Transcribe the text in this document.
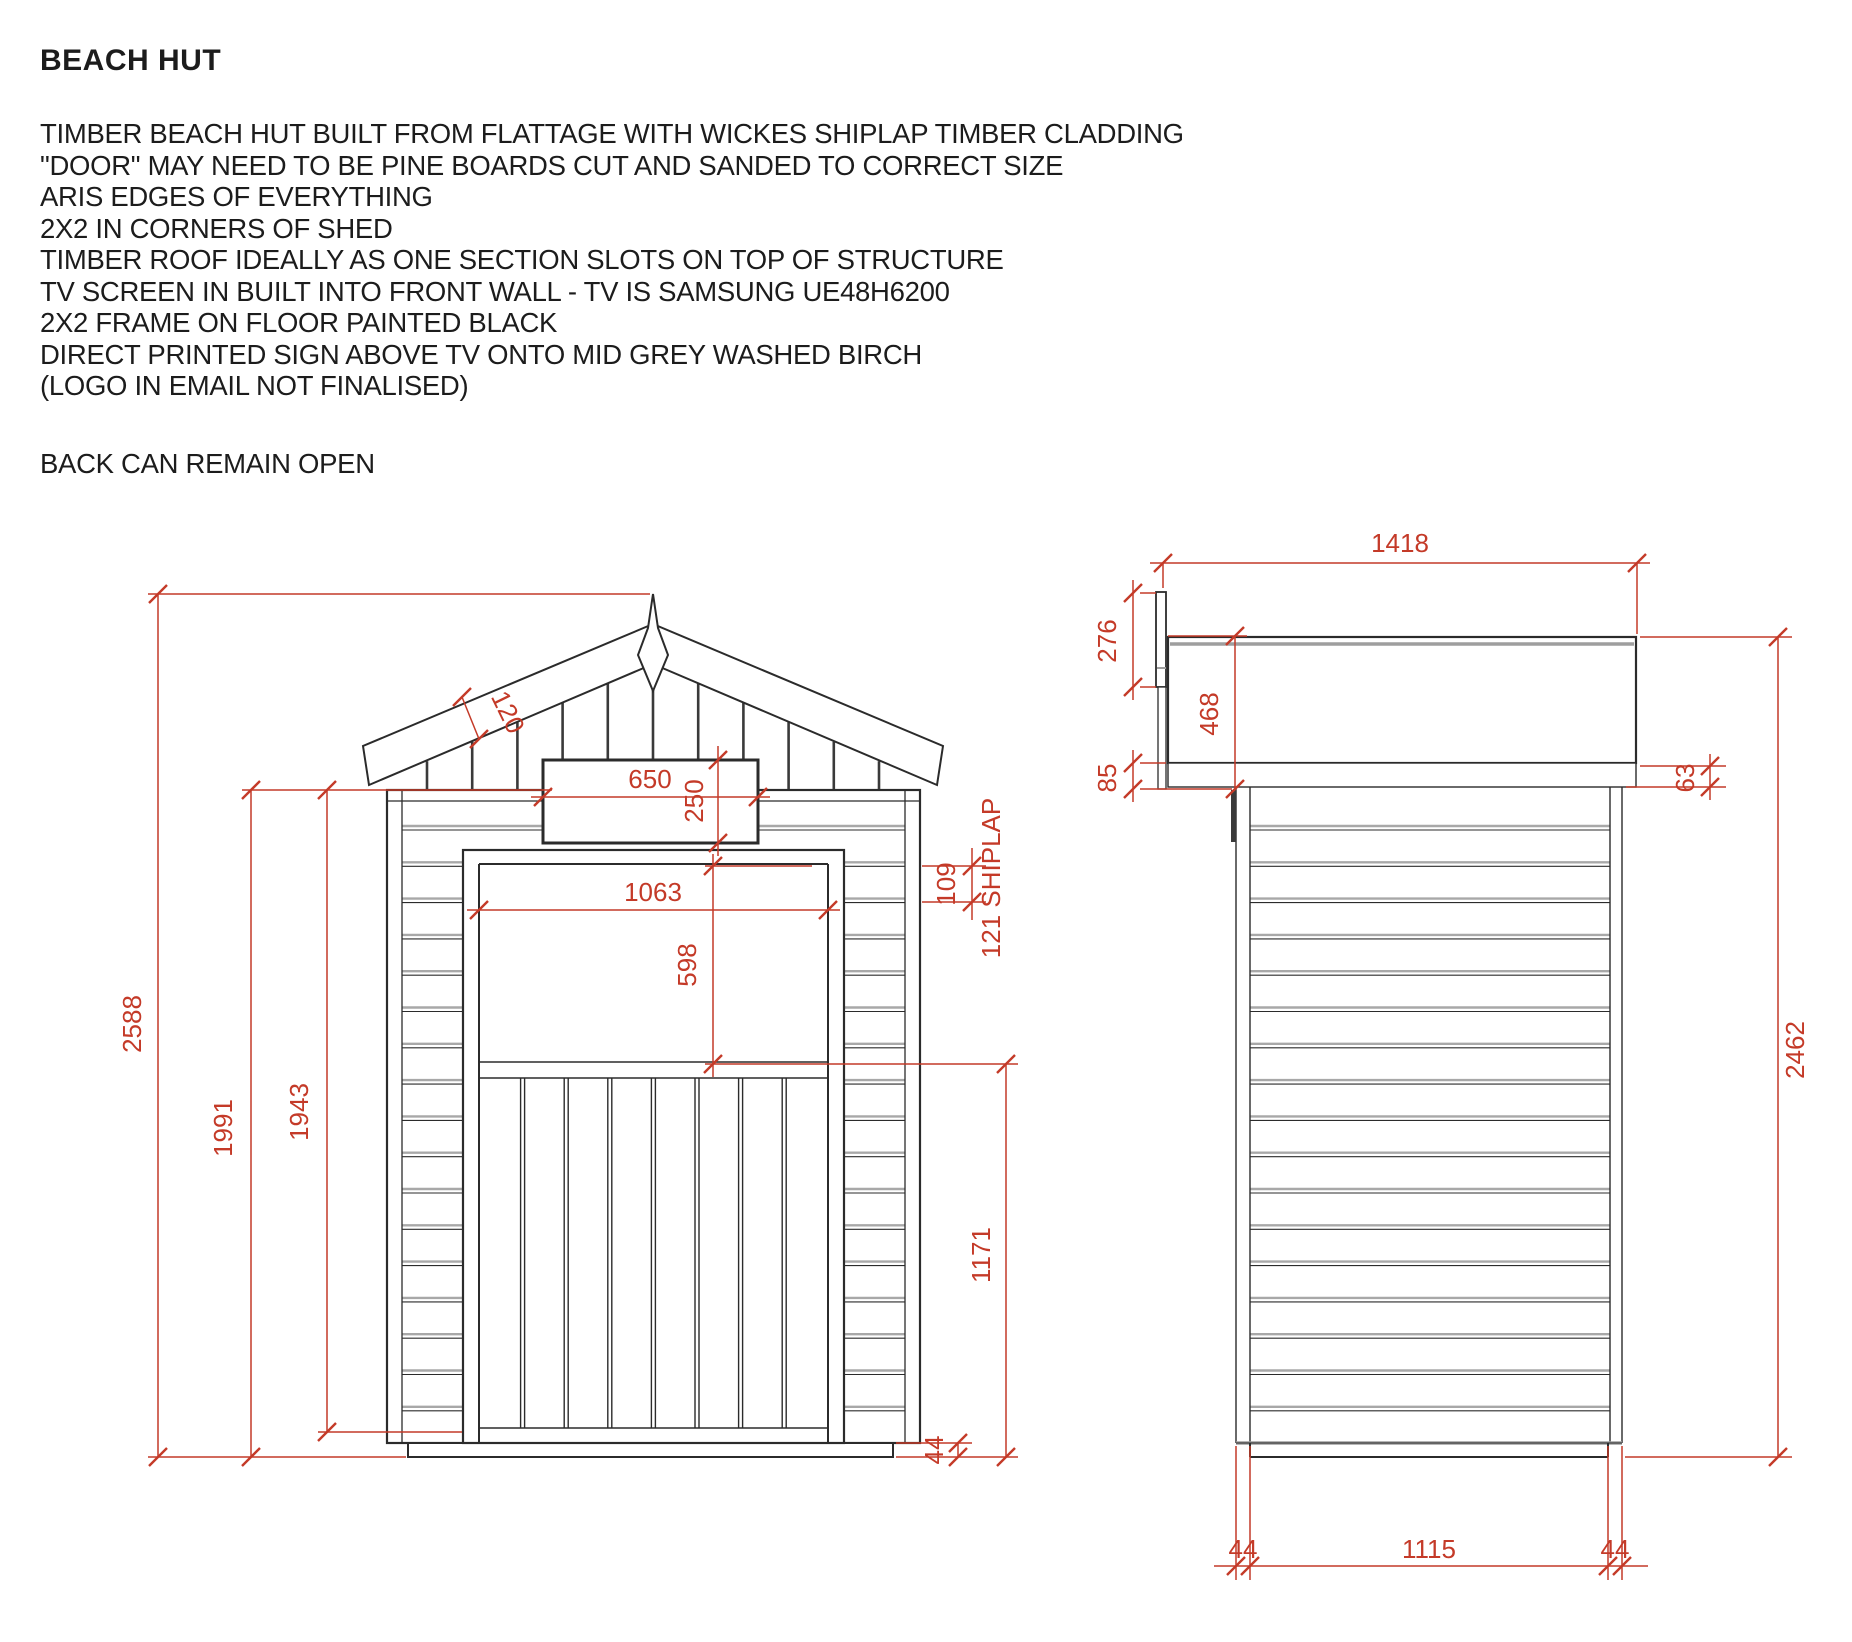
BEACH HUT
TIMBER BEACH HUT BUILT FROM FLATTAGE WITH WICKES SHIPLAP TIMBER CLADDING
"DOOR" MAY NEED TO BE PINE BOARDS CUT AND SANDED TO CORRECT SIZE
ARIS EDGES OF EVERYTHING
2X2 IN CORNERS OF SHED
TIMBER ROOF IDEALLY AS ONE SECTION SLOTS ON TOP OF STRUCTURE
TV SCREEN IN BUILT INTO FRONT WALL - TV IS SAMSUNG UE48H6200
2X2 FRAME ON FLOOR PAINTED BLACK
DIRECT PRINTED SIGN ABOVE TV ONTO MID GREY WASHED BIRCH
(LOGO IN EMAIL NOT FINALISED)
BACK CAN REMAIN OPEN
2588
1991 1943
120
650
250
1063
598
109 121 SHIPLAP
1171
44
1418
276
468
85	63
2462
44	1115	44
